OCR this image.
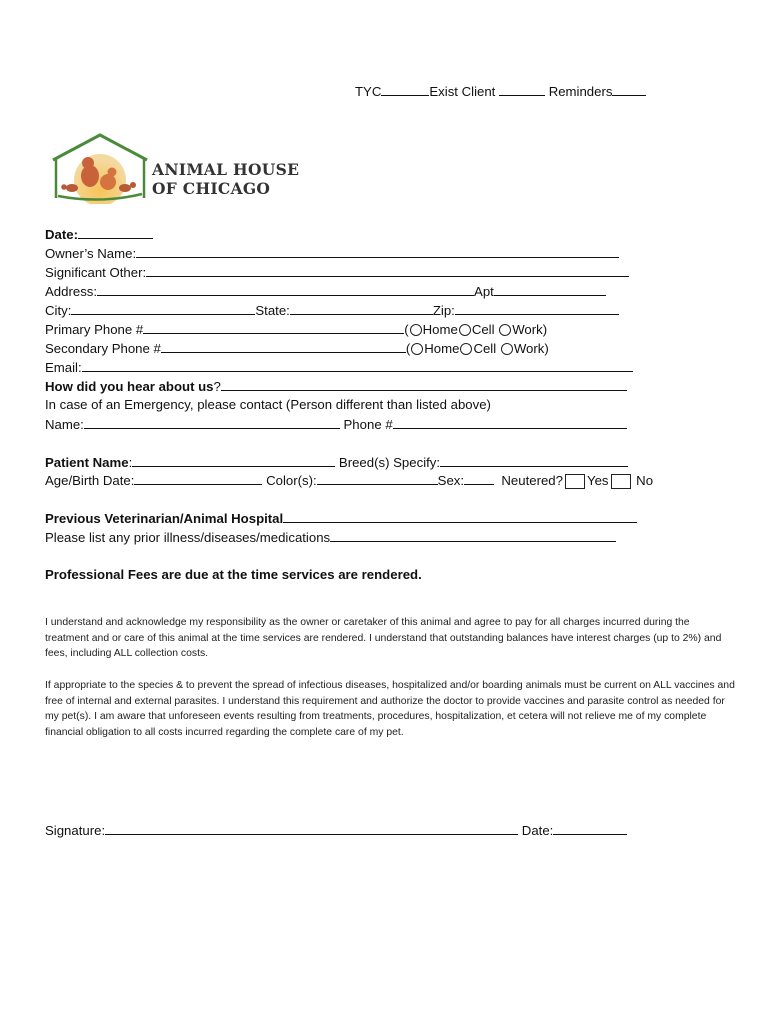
TYC	Exist Client	Reminders
ANIMAL HOUSE
OF CHICAGO
Date:
Owner’s Name:
Significant Other:
Address:	Apt
City:	State:	Zip:
Primary Phone #	( Home Cell Work)
Secondary Phone #	( Home Cell Work)
Email:
How did you hear about us?
In case of an Emergency, please contact (Person different than listed above)
Name:	Phone #
Patient Name:	Breed(s) Specify:
Age/Birth Date:	Color(s):	Sex:	Neutered? Yes No
Previous Veterinarian/Animal Hospital
Please list any prior illness/diseases/medications
Professional Fees are due at the time services are rendered.
I understand and acknowledge my responsibility as the owner or caretaker of this animal and agree to pay for all charges incurred during the treatment and or care of this animal at the time services are rendered. I understand that outstanding balances have interest charges (up to 2%) and fees, including ALL collection costs.
If appropriate to the species & to prevent the spread of infectious diseases, hospitalized and/or boarding animals must be current on ALL vaccines and free of internal and external parasites. I understand this requirement and authorize the doctor to provide vaccines and parasite control as needed for my pet(s). I am aware that unforeseen events resulting from treatments, procedures, hospitalization, et cetera will not relieve me of my complete financial obligation to all costs incurred regarding the complete care of my pet.
Signature:	Date:
